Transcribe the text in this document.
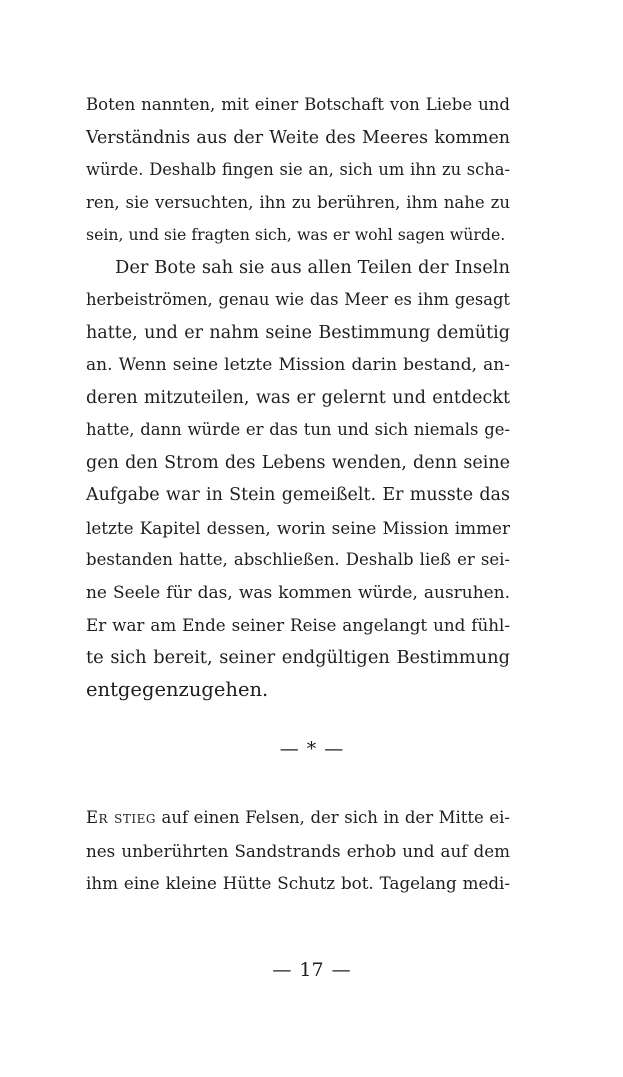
Boten nannten, mit einer Botschaft von Liebe und
Verständnis aus der Weite des Meeres kommen
würde. Deshalb fingen sie an, sich um ihn zu scha-
ren, sie versuchten, ihn zu berühren, ihm nahe zu
sein, und sie fragten sich, was er wohl sagen würde.
Der Bote sah sie aus allen Teilen der Inseln
herbeiströmen, genau wie das Meer es ihm gesagt
hatte, und er nahm seine Bestimmung demütig
an. Wenn seine letzte Mission darin bestand, an-
deren mitzuteilen, was er gelernt und entdeckt
hatte, dann würde er das tun und sich niemals ge-
gen den Strom des Lebens wenden, denn seine
Aufgabe war in Stein gemeißelt. Er musste das
letzte Kapitel dessen, worin seine Mission immer
bestanden hatte, abschließen. Deshalb ließ er sei-
ne Seele für das, was kommen würde, ausruhen.
Er war am Ende seiner Reise angelangt und fühl-
te sich bereit, seiner endgültigen Bestimmung
entgegenzugehen.
— * —
Er stieg auf einen Felsen, der sich in der Mitte ei-
nes unberührten Sandstrands erhob und auf dem
ihm eine kleine Hütte Schutz bot. Tagelang medi-
— 17 —
